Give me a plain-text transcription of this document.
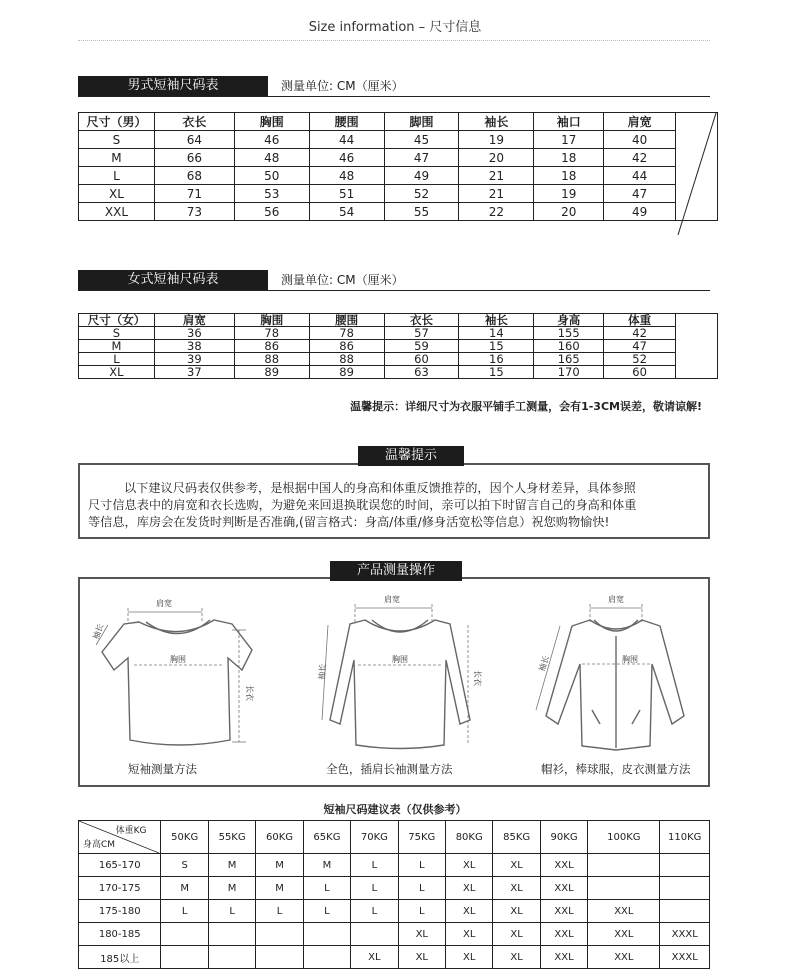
Size information – 尺寸信息
男式短袖尺码表	测量单位: CM（厘米）
尺寸（男）	衣长	胸围	腰围	脚围	袖长	袖口	肩宽	

S	64	46	44	45	19	17	40	
M	66	48	46	47	20	18	42	
L	68	50	48	49	21	18	44	
XL	71	53	51	52	21	19	47	
XXL	73	56	54	55	22	20	49	
女式短袖尺码表	测量单位: CM（厘米）
尺寸（女）	肩宽	胸围	腰围	衣长	袖长	身高	体重	
S	36	78	78	57	14	155	42	
M	38	86	86	59	15	160	47	
L	39	88	88	60	16	165	52	
XL	37	89	89	63	15	170	60	
温馨提示：详细尺寸为衣服平铺手工测量，会有1-3CM误差，敬请谅解!
温馨提示
以下建议尺码表仅供参考，是根据中国人的身高和体重反馈推荐的，因个人身材差异，具体参照
尺寸信息表中的肩宽和衣长选购，为避免来回退换耽误您的时间，亲可以拍下时留言自己的身高和体重
等信息，库房会在发货时判断是否准确,(留言格式：身高/体重/修身活宽松等信息）祝您购物愉快!
产品测量操作
肩宽
胸围
长衣
袖长
肩宽
胸围
长衣
袖长
肩宽
胸围
袖长
短袖测量方法	全色，插肩长袖测量方法	帽衫，棒球服，皮衣测量方法
短袖尺码建议表（仅供参考）
体重KG
身高CM	50KG	55KG	60KG	65KG	70KG	75KG	80KG	85KG	90KG	100KG	110KG
165-170	S	M	M	M	L	L	XL	XL	XXL		
170-175	M	M	M	L	L	L	XL	XL	XXL		
175-180	L	L	L	L	L	L	XL	XL	XXL	XXL	
180-185						XL	XL	XL	XXL	XXL	XXXL
185以上					XL	XL	XL	XL	XXL	XXL	XXXL
